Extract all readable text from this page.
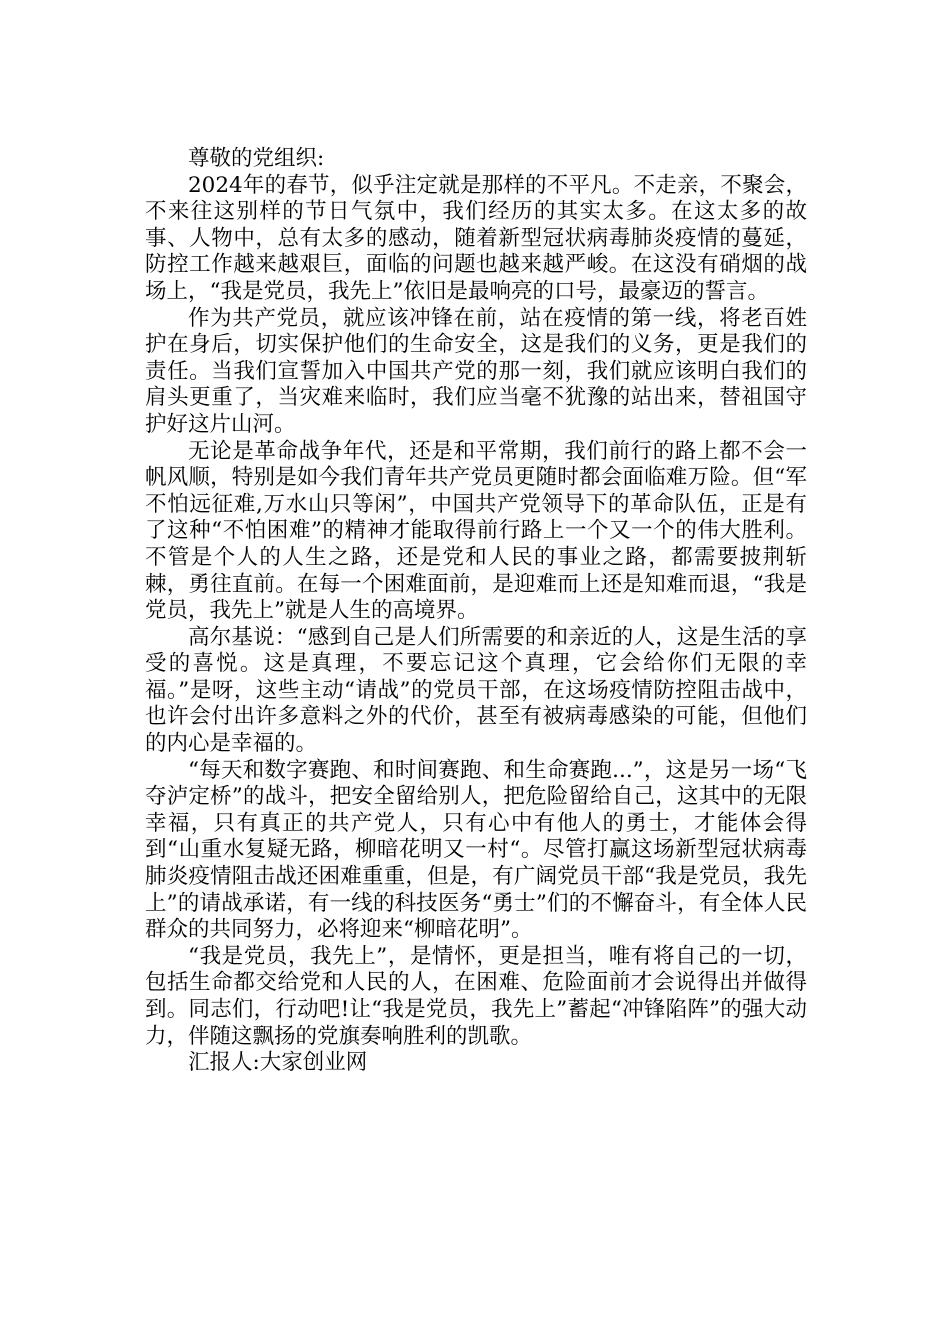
尊敬的党组织:

2024年的春节，似乎注定就是那样的不平凡。不走亲，不聚会，不来往这别样的节日气氛中，我们经历的其实太多。在这太多的故事、人物中，总有太多的感动，随着新型冠状病毒肺炎疫情的蔓延，防控工作越来越艰巨，面临的问题也越来越严峻。在这没有硝烟的战场上，“我是党员，我先上”依旧是最响亮的口号，最豪迈的誓言。

作为共产党员，就应该冲锋在前，站在疫情的第一线，将老百姓护在身后，切实保护他们的生命安全，这是我们的义务，更是我们的责任。当我们宣誓加入中国共产党的那一刻，我们就应该明白我们的肩头更重了，当灾难来临时，我们应当毫不犹豫的站出来，替祖国守护好这片山河。

无论是革命战争年代，还是和平常期，我们前行的路上都不会一帆风顺，特别是如今我们青年共产党员更随时都会面临难万险。但“军不怕远征难,万水山只等闲”，中国共产党领导下的革命队伍，正是有了这种“不怕困难”的精神才能取得前行路上一个又一个的伟大胜利。不管是个人的人生之路，还是党和人民的事业之路，都需要披荆斩棘，勇往直前。在每一个困难面前，是迎难而上还是知难而退，“我是党员，我先上”就是人生的高境界。

高尔基说：“感到自己是人们所需要的和亲近的人，这是生活的享受的喜悦。这是真理，不要忘记这个真理，它会给你们无限的幸福。”是呀，这些主动“请战”的党员干部，在这场疫情防控阻击战中，也许会付出许多意料之外的代价，甚至有被病毒感染的可能，但他们的内心是幸福的。

“每天和数字赛跑、和时间赛跑、和生命赛跑...”，这是另一场“飞夺泸定桥”的战斗，把安全留给别人，把危险留给自己，这其中的无限幸福，只有真正的共产党人，只有心中有他人的勇士，才能体会得到“山重水复疑无路，柳暗花明又一村“。尽管打赢这场新型冠状病毒肺炎疫情阻击战还困难重重，但是，有广阔党员干部“我是党员，我先上”的请战承诺，有一线的科技医务“勇士”们的不懈奋斗，有全体人民群众的共同努力，必将迎来“柳暗花明”。

“我是党员，我先上”，是情怀，更是担当，唯有将自己的一切，包括生命都交给党和人民的人，在困难、危险面前才会说得出并做得到。同志们，行动吧!让“我是党员，我先上”蓄起“冲锋陷阵”的强大动力，伴随这飘扬的党旗奏响胜利的凯歌。

汇报人:大家创业网
